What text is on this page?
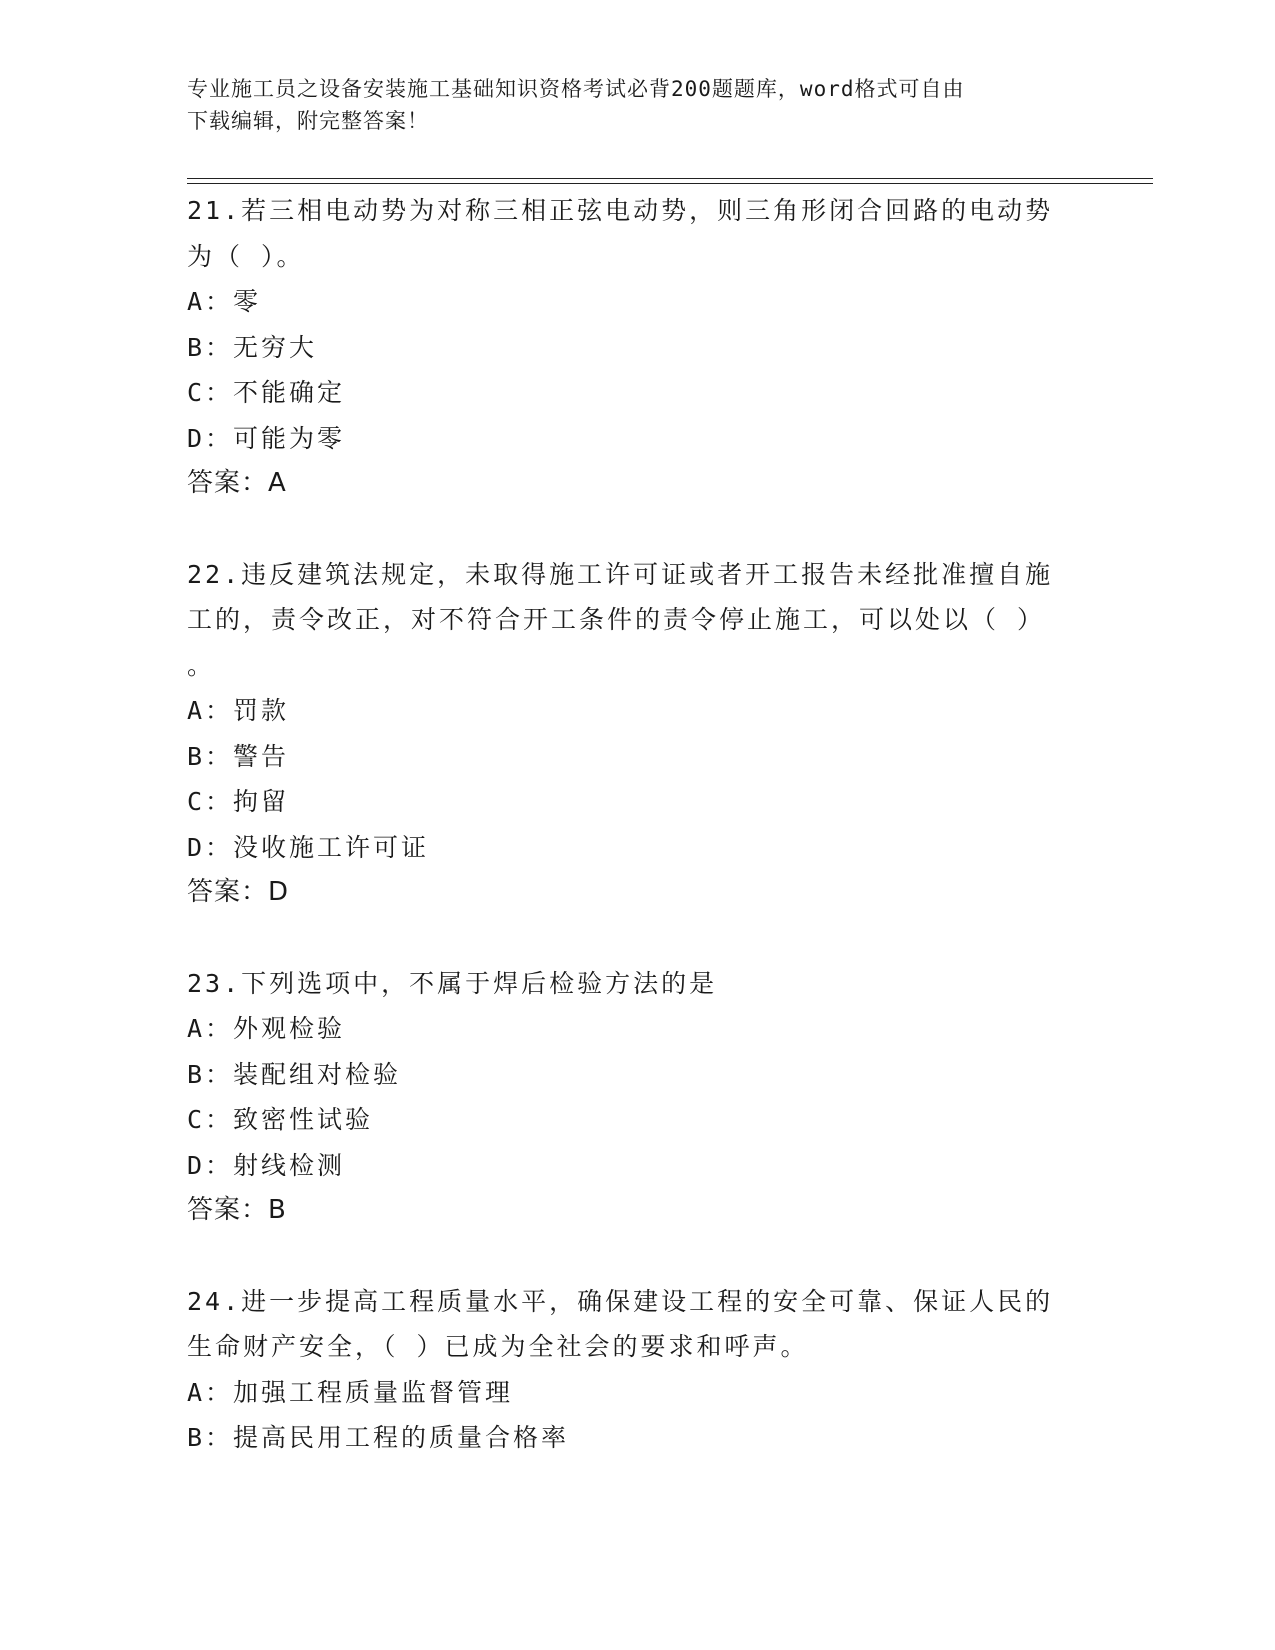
专业施工员之设备安装施工基础知识资格考试必背200题题库，word格式可自由
下载编辑，附完整答案！

21.若三相电动势为对称三相正弦电动势，则三角形闭合回路的电动势

为（ ）。

A：零

B：无穷大

C：不能确定

D：可能为零

答案：A

22.违反建筑法规定，未取得施工许可证或者开工报告未经批准擅自施

工的，责令改正，对不符合开工条件的责令停止施工，可以处以（ ）

。

A：罚款

B：警告

C：拘留

D：没收施工许可证

答案：D

23.下列选项中，不属于焊后检验方法的是

A：外观检验

B：装配组对检验

C：致密性试验

D：射线检测

答案：B

24.进一步提高工程质量水平，确保建设工程的安全可靠、保证人民的

生命财产安全，（ ）已成为全社会的要求和呼声。

A：加强工程质量监督管理

B：提高民用工程的质量合格率
